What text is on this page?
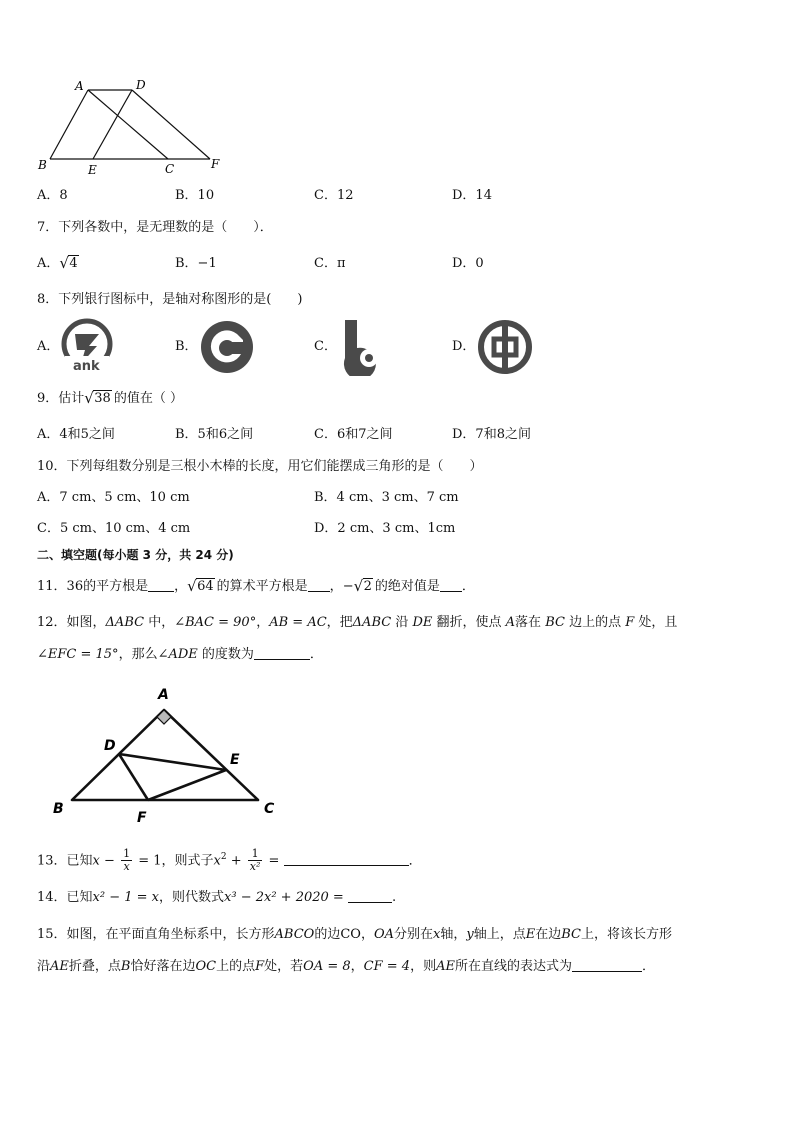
A	D
B	E	C	F
A．8	B．10	C．12	D．14
7．下列各数中，是无理数的是（　　）．
A． √ 4	B．−1	C．π	D．0
8．下列银行图标中，是轴对称图形的是(　　)
A．	B．	C．	D．
ank
9．估计 √ 38 的值在（ ）
A．4和5之间	B．5和6之间	C．6和7之间	D．7和8之间
10．下列每组数分别是三根小木棒的长度，用它们能摆成三角形的是（　　）
A．7 cm、5 cm、10 cm	B．4 cm、3 cm、7 cm
C．5 cm、10 cm、4 cm	D．2 cm、3 cm、1cm
二、填空题(每小题 3 分，共 24 分)
11．36的平方根是 ， √ 64 的算术平方根是 ，− √ 2 的绝对值是 ．
12．如图，ΔABC 中，∠BAC = 90°，AB = AC，把ΔABC 沿 DE 翻折，使点 A落在 BC 边上的点 F 处，且
∠EFC = 15°，那么∠ADE 的度数为	．
A
D
E
B
F
C
13．已知$x - \frac{1}{x} = 1$，则式子$x^2 + \frac{1}{\text{x²}}$ =	．
14．已知x² − 1 = x，则代数式x³ − 2x² + 2020 =	.
15．如图，在平面直角坐标系中，长方形ABCO的边CO，OA分别在x轴，y轴上，点E在边BC上，将该长方形
沿AE折叠，点B恰好落在边OC上的点F处，若OA = 8，CF = 4，则AE所在直线的表达式为	．
